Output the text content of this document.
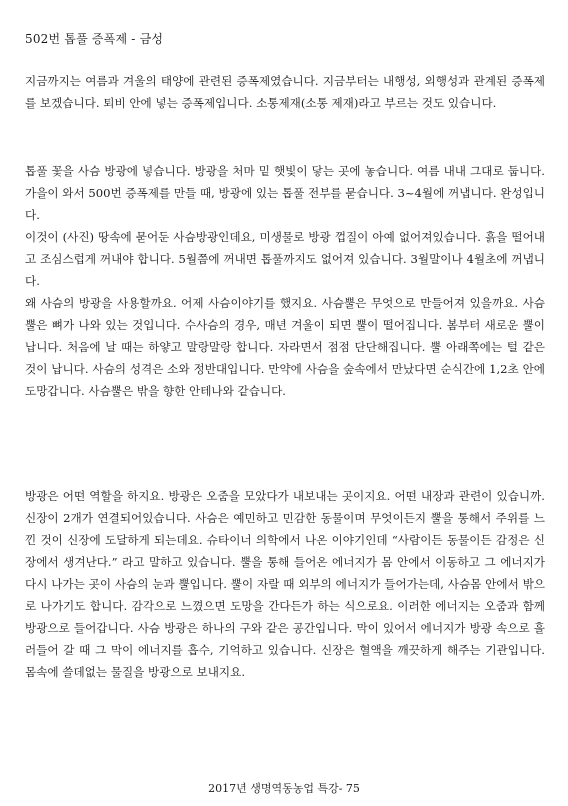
502번 톱풀 증폭제 - 금성

지금까지는 여름과 겨울의 태양에 관련된 증폭제였습니다. 지금부터는 내행성, 외행성과 관계된 증폭제를 보겠습니다. 퇴비 안에 넣는 증폭제입니다. 소통제재(소통 제재)라고 부르는 것도 있습니다.

톱풀 꽃을 사슴 방광에 넣습니다. 방광을 처마 밑 햇빛이 닿는 곳에 놓습니다. 여름 내내 그대로 둡니다. 가을이 와서 500번 증폭제를 만들 때, 방광에 있는 톱풀 전부를 묻습니다. 3~4월에 꺼냅니다. 완성입니다.

이것이 (사진) 땅속에 묻어둔 사슴방광인데요, 미생물로 방광 껍질이 아예 없어져있습니다. 흙을 떨어내고 조심스럽게 꺼내야 합니다. 5월쯤에 꺼내면 톱풀까지도 없어져 있습니다. 3월말이나 4월초에 꺼냅니다.

왜 사슴의 방광을 사용할까요. 어제 사슴이야기를 했지요. 사슴뿔은 무엇으로 만들어져 있을까요. 사슴뿔은 뼈가 나와 있는 것입니다. 수사슴의 경우, 매년 겨울이 되면 뿔이 떨어집니다. 봄부터 새로운 뿔이 납니다. 처음에 날 때는 하얗고 말랑말랑 합니다. 자라면서 점점 단단해집니다. 뿔 아래쪽에는 털 같은 것이 납니다. 사슴의 성격은 소와 정반대입니다. 만약에 사슴을 숲속에서 만났다면 순식간에 1,2초 안에 도망갑니다. 사슴뿔은 밖을 향한 안테나와 같습니다.

방광은 어떤 역할을 하지요. 방광은 오줌을 모았다가 내보내는 곳이지요. 어떤 내장과 관련이 있습니까. 신장이 2개가 연결되어있습니다. 사슴은 예민하고 민감한 동물이며 무엇이든지 뿔을 통해서 주위를 느낀 것이 신장에 도달하게 되는데요. 슈타이너 의학에서 나온 이야기인데 “사람이든 동물이든 감정은 신장에서 생겨난다.” 라고 말하고 있습니다. 뿔을 통해 들어온 에너지가 몸 안에서 이동하고 그 에너지가 다시 나가는 곳이 사슴의 눈과 뿔입니다. 뿔이 자랄 때 외부의 에너지가 들어가는데, 사슴몸 안에서 밖으로 나가기도 합니다. 감각으로 느꼈으면 도망을 간다든가 하는 식으로요. 이러한 에너지는 오줌과 함께 방광으로 들어갑니다. 사슴 방광은 하나의 구와 같은 공간입니다. 막이 있어서 에너지가 방광 속으로 흘러들어 갈 때 그 막이 에너지를 흡수, 기억하고 있습니다. 신장은 혈액을 깨끗하게 해주는 기관입니다. 몸속에 쓸데없는 물질을 방광으로 보내지요.

2017년 생명역동농업 특강- 75
